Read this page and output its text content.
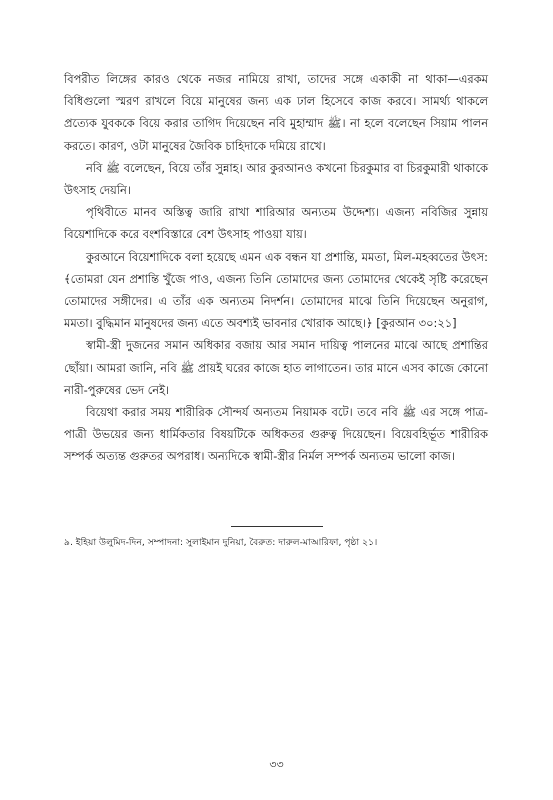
বিপরীত লিঙ্গের কারও থেকে নজর নামিয়ে রাখা, তাদের সঙ্গে একাকী না থাকা—এরকম বিধিগুলো স্মরণ রাখলে বিয়ে মানুষের জন্য এক ঢাল হিসেবে কাজ করবে। সামর্থ্য থাকলে প্রত্যেক যুবককে বিয়ে করার তাগিদ দিয়েছেন নবি মুহাম্মাদ ﷺ। না হলে বলেছেন সিয়াম পালন করতে। কারণ, ওটা মানুষের জৈবিক চাহিদাকে দমিয়ে রাখে।

নবি ﷺ বলেছেন, বিয়ে তাঁর সুন্নাহ। আর কুরআনও কখনো চিরকুমার বা চিরকুমারী থাকাকে উৎসাহ দেয়নি।

পৃথিবীতে মানব অস্তিত্ব জারি রাখা শারিআর অন্যতম উদ্দেশ্য। এজন্য নবিজির সুন্নায় বিয়েশাদিকে করে বংশবিস্তারে বেশ উৎসাহ পাওয়া যায়।

কুরআনে বিয়েশাদিকে বলা হয়েছে এমন এক বন্ধন যা প্রশান্তি, মমতা, মিল-মহব্বতের উৎস: ﴾তোমরা যেন প্রশান্তি খুঁজে পাও, এজন্য তিনি তোমাদের জন্য তোমাদের থেকেই সৃষ্টি করেছেন তোমাদের সঙ্গীদের। এ তাঁর এক অন্যতম নিদর্শন। তোমাদের মাঝে তিনি দিয়েছেন অনুরাগ, মমতা। বুদ্ধিমান মানুষদের জন্য এতে অবশ্যই ভাবনার খোরাক আছে।﴿ [কুরআন ৩০:২১]

স্বামী-স্ত্রী দুজনের সমান অধিকার বজায় আর সমান দায়িত্ব পালনের মাঝে আছে প্রশান্তির ছোঁয়া। আমরা জানি, নবি ﷺ প্রায়ই ঘরের কাজে হাত লাগাতেন। তার মানে এসব কাজে কোনো নারী-পুরুষের ভেদ নেই।

বিয়েথা করার সময় শারীরিক সৌন্দর্য অন্যতম নিয়ামক বটে। তবে নবি ﷺ এর সঙ্গে পাত্র-পাত্রী উভয়ের জন্য ধার্মিকতার বিষয়টিকে অধিকতর গুরুত্ব দিয়েছেন। বিয়েবহির্ভূত শারীরিক সম্পর্ক অত্যন্ত গুরুতর অপরাধ। অন্যদিকে স্বামী-স্ত্রীর নির্মল সম্পর্ক অন্যতম ভালো কাজ।

৯. ইহিয়া উলুমিদ-দিন, সম্পাদনা: সুলাইমান দুনিয়া, বৈরুত: দারুল-মাআরিফা, পৃষ্ঠা ২১।
৩৩
